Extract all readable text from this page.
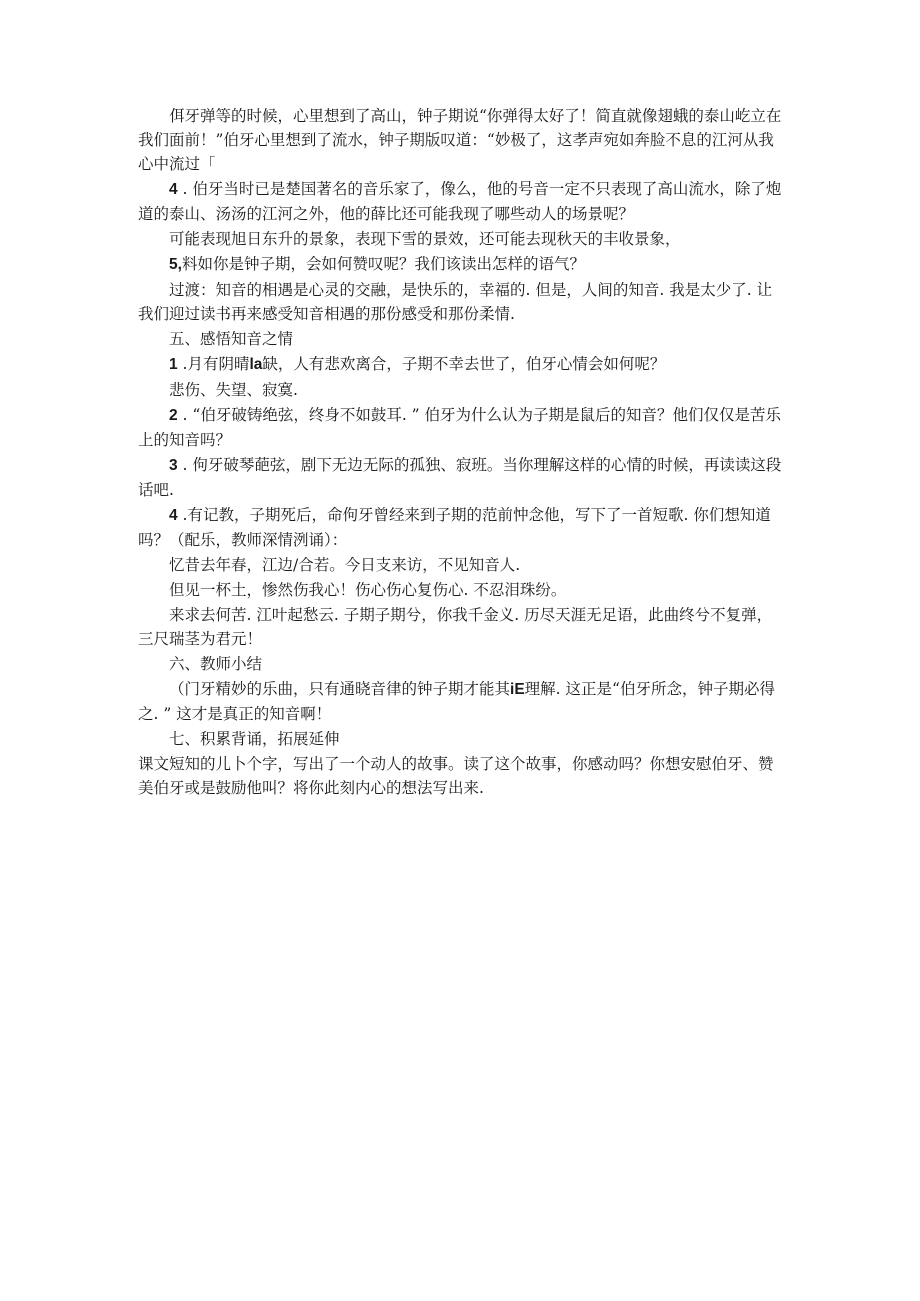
佴牙弹等的时候，心里想到了高山，钟子期说“你弹得太好了！简直就像翅蛾的泰山屹立在我们面前！”伯牙心里想到了流水，钟子期版叹道：“妙极了，这孝声宛如奔脸不息的江河从我心中流过「

4 . 伯牙当时已是楚国著名的音乐家了，像么，他的号音一定不只表现了高山流水，除了炮道的泰山、汤汤的江河之外，他的薛比还可能我现了哪些动人的场景呢？

可能表现旭日东升的景象，表现下雪的景效，还可能去现秋天的丰收景象，

5,料如你是钟子期，会如何赞叹呢？我们该读出怎样的语气？

过渡：知音的相遇是心灵的交融，是快乐的，幸福的. 但是，人间的知音. 我是太少了. 让我们迎过读书再来感受知音相遇的那份感受和那份柔情.

五、感悟知音之情

1 .月有阴晴la缺，人有悲欢离合，子期不幸去世了，伯牙心情会如何呢？

悲伤、失望、寂寞.

2 . “伯牙破铸绝弦，终身不如鼓耳. ” 伯牙为什么认为子期是鼠后的知音？他们仅仅是苦乐上的知音吗？

3 . 佝牙破琴葩弦，剧下无边无际的孤独、寂班。当你理解这样的心情的时候，再读读这段话吧.

4 .有记教，子期死后，命佝牙曾经来到子期的范前忡念他，写下了一首短歌. 你们想知道吗？（配乐，教师深情洌诵）：

忆昔去年春，江边/合若。今日支来访，不见知音人.

但见一杯土，惨然伤我心！伤心伤心复伤心. 不忍泪珠纷。

来求去何苦. 江叶起愁云. 子期子期兮，你我千金义. 历尽天涯无足语，此曲终兮不复弹，三尺瑞茎为君元！

六、教师小结

（门牙精妙的乐曲，只有通晓音律的钟子期才能其iE理解. 这正是“伯牙所念，钟子期必得之. ” 这才是真正的知音啊！

七、积累背诵，拓展延伸

课文短知的儿卜个字，写出了一个动人的故事。读了这个故事，你感动吗？你想安慰伯牙、赞美伯牙或是鼓励他叫？将你此刻内心的想法写出来.
